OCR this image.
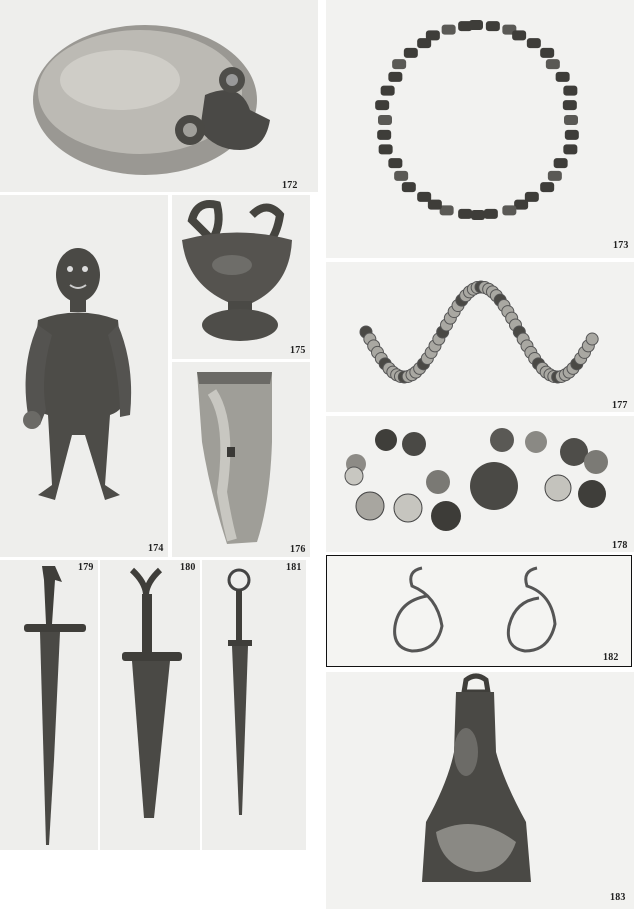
172
173
174
175
176
177
178
182
179	180	181
183
